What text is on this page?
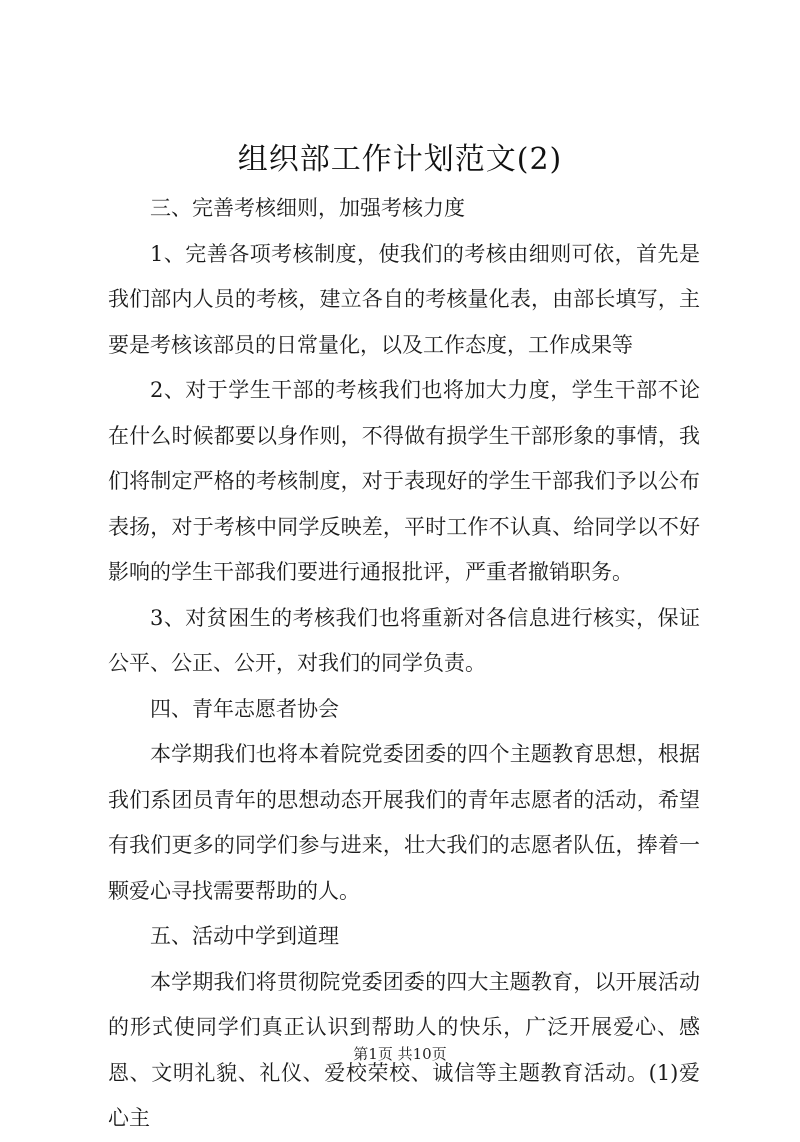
组织部工作计划范文(2)

三、完善考核细则，加强考核力度

1、完善各项考核制度，使我们的考核由细则可依，首先是我们部内人员的考核，建立各自的考核量化表，由部长填写，主要是考核该部员的日常量化，以及工作态度，工作成果等

2、对于学生干部的考核我们也将加大力度，学生干部不论在什么时候都要以身作则，不得做有损学生干部形象的事情，我们将制定严格的考核制度，对于表现好的学生干部我们予以公布表扬，对于考核中同学反映差，平时工作不认真、给同学以不好影响的学生干部我们要进行通报批评，严重者撤销职务。

3、对贫困生的考核我们也将重新对各信息进行核实，保证公平、公正、公开，对我们的同学负责。

四、青年志愿者协会

本学期我们也将本着院党委团委的四个主题教育思想，根据我们系团员青年的思想动态开展我们的青年志愿者的活动，希望有我们更多的同学们参与进来，壮大我们的志愿者队伍，捧着一颗爱心寻找需要帮助的人。

五、活动中学到道理

本学期我们将贯彻院党委团委的四大主题教育，以开展活动的形式使同学们真正认识到帮助人的快乐，广泛开展爱心、感恩、文明礼貌、礼仪、爱校荣校、诚信等主题教育活动。(1)爱心主

第1页 共10页
